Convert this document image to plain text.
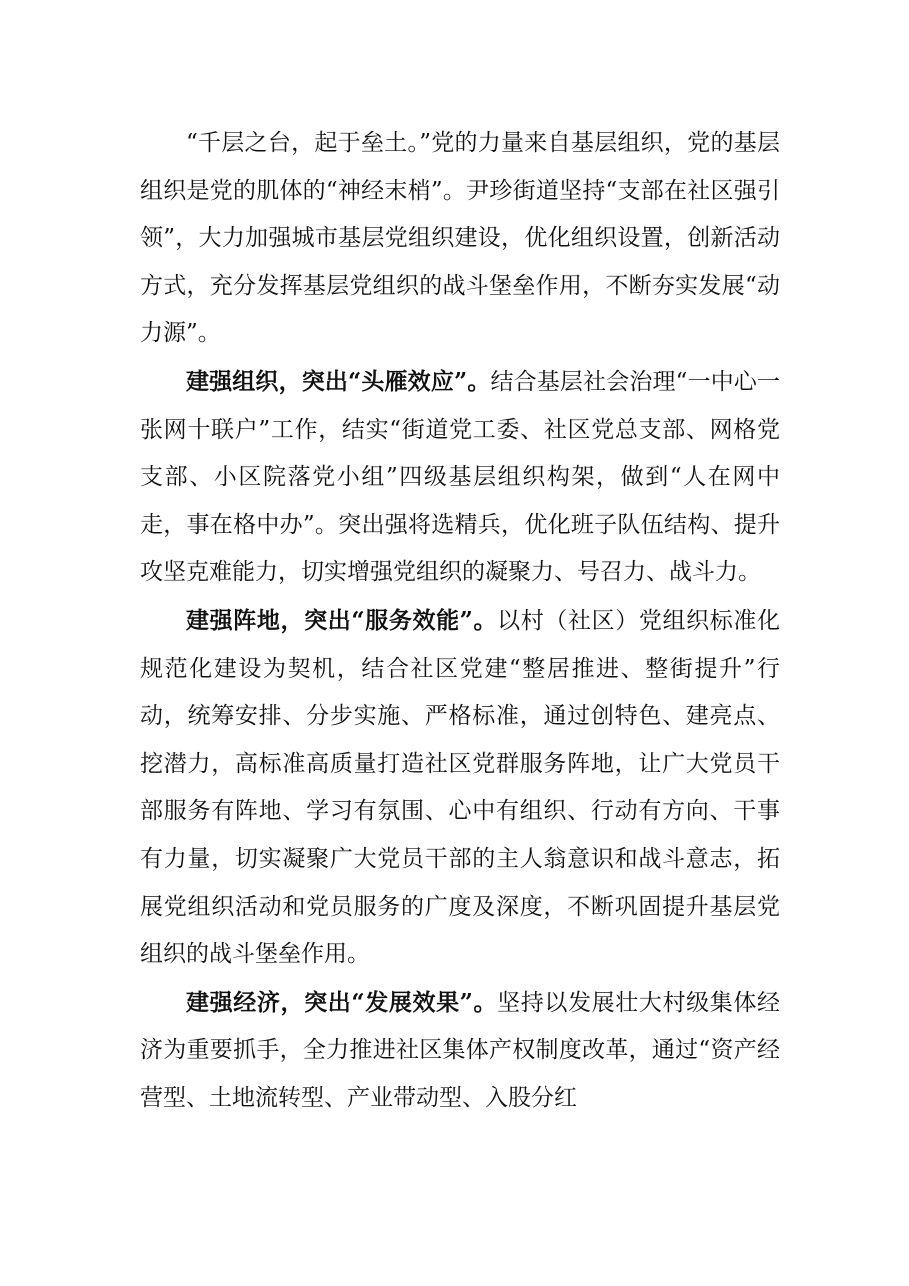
“千层之台，起于垒土。”党的力量来自基层组织，党的基层组织是党的肌体的“神经末梢”。尹珍街道坚持“支部在社区强引领”，大力加强城市基层党组织建设，优化组织设置，创新活动方式，充分发挥基层党组织的战斗堡垒作用，不断夯实发展“动力源”。

建强组织，突出“头雁效应”。结合基层社会治理“一中心一张网十联户”工作，结实“街道党工委、社区党总支部、网格党支部、小区院落党小组”四级基层组织构架，做到“人在网中走，事在格中办”。突出强将选精兵，优化班子队伍结构、提升攻坚克难能力，切实增强党组织的凝聚力、号召力、战斗力。

建强阵地，突出“服务效能”。以村（社区）党组织标准化规范化建设为契机，结合社区党建“整居推进、整街提升”行动，统筹安排、分步实施、严格标准，通过创特色、建亮点、挖潜力，高标准高质量打造社区党群服务阵地，让广大党员干部服务有阵地、学习有氛围、心中有组织、行动有方向、干事有力量，切实凝聚广大党员干部的主人翁意识和战斗意志，拓展党组织活动和党员服务的广度及深度，不断巩固提升基层党组织的战斗堡垒作用。

建强经济，突出“发展效果”。坚持以发展壮大村级集体经济为重要抓手，全力推进社区集体产权制度改革，通过“资产经营型、土地流转型、产业带动型、入股分红
